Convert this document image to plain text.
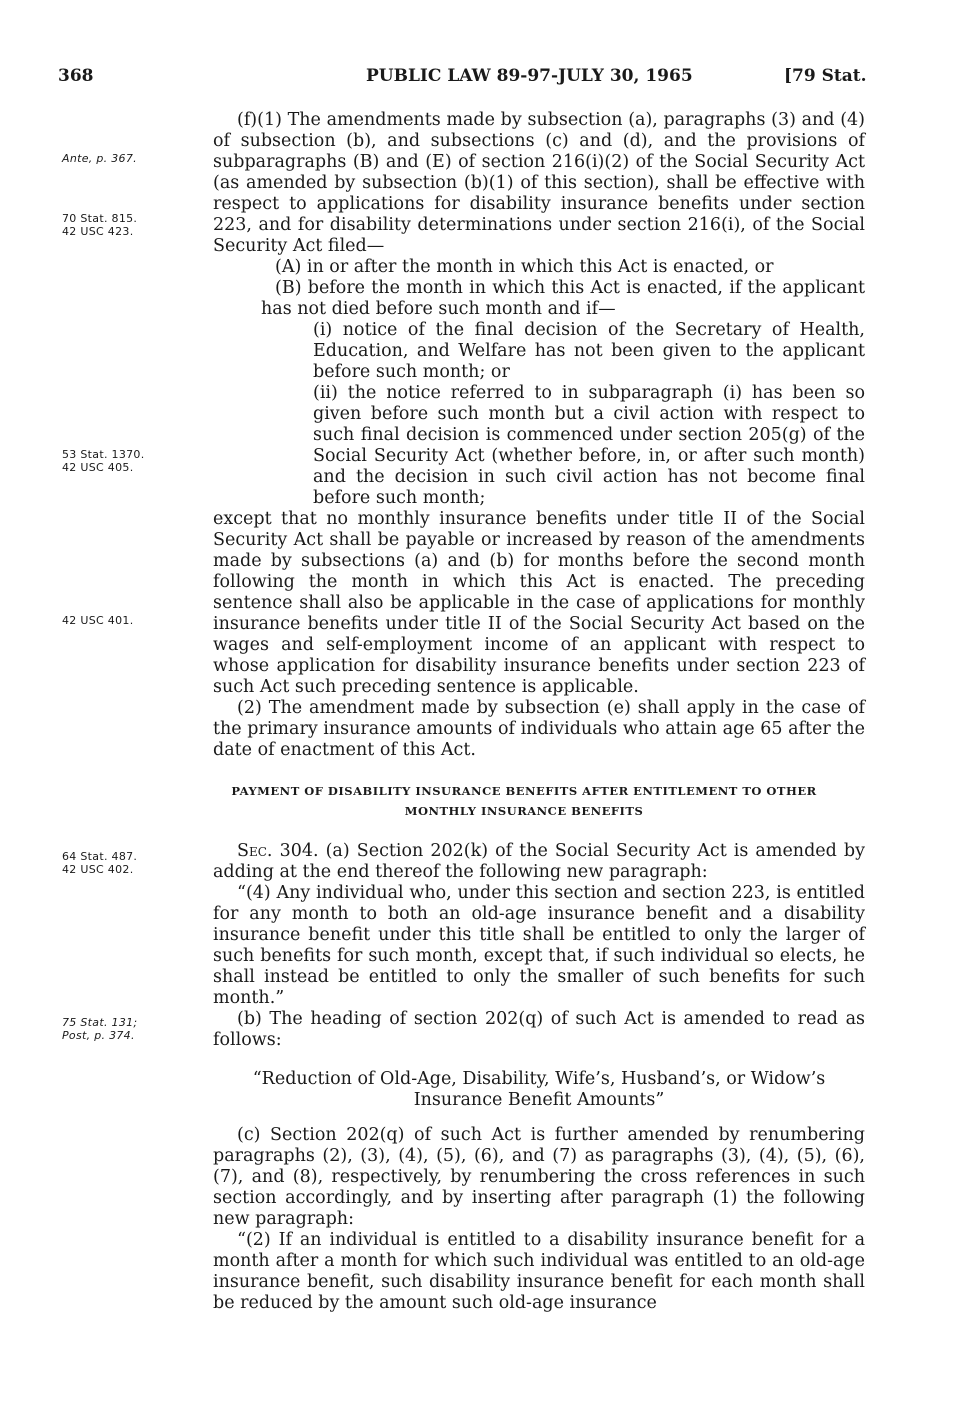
368	PUBLIC LAW 89-97-JULY 30, 1965	[79 Stat.
Ante, p. 367.
70 Stat. 815.
42 USC 423.
53 Stat. 1370.
42 USC 405.
42 USC 401.
64 Stat. 487.
42 USC 402.
75 Stat. 131;
Post, p. 374.

(f)(1) The amendments made by subsection (a), paragraphs (3) and (4) of subsection (b), and subsections (c) and (d), and the provisions of subparagraphs (B) and (E) of section 216(i)(2) of the Social Security Act (as amended by subsection (b)(1) of this section), shall be effective with respect to applications for disability insurance benefits under section 223, and for disability determinations under section 216(i), of the Social Security Act filed—

(A) in or after the month in which this Act is enacted, or

(B) before the month in which this Act is enacted, if the applicant has not died before such month and if—

(i) notice of the final decision of the Secretary of Health, Education, and Welfare has not been given to the applicant before such month; or

(ii) the notice referred to in subparagraph (i) has been so given before such month but a civil action with respect to such final decision is commenced under section 205(g) of the Social Security Act (whether before, in, or after such month) and the decision in such civil action has not become final before such month;

except that no monthly insurance benefits under title II of the Social Security Act shall be payable or increased by reason of the amendments made by subsections (a) and (b) for months before the second month following the month in which this Act is enacted. The preceding sentence shall also be applicable in the case of applications for monthly insurance benefits under title II of the Social Security Act based on the wages and self-employment income of an applicant with respect to whose application for disability insurance benefits under section 223 of such Act such preceding sentence is applicable.

(2) The amendment made by subsection (e) shall apply in the case of the primary insurance amounts of individuals who attain age 65 after the date of enactment of this Act.

PAYMENT OF DISABILITY INSURANCE BENEFITS AFTER ENTITLEMENT TO OTHER MONTHLY INSURANCE BENEFITS

Sec. 304. (a) Section 202(k) of the Social Security Act is amended by adding at the end thereof the following new paragraph:

“(4) Any individual who, under this section and section 223, is entitled for any month to both an old-age insurance benefit and a disability insurance benefit under this title shall be entitled to only the larger of such benefits for such month, except that, if such individual so elects, he shall instead be entitled to only the smaller of such benefits for such month.”

(b) The heading of section 202(q) of such Act is amended to read as follows:

“Reduction of Old-Age, Disability, Wife’s, Husband’s, or Widow’s Insurance Benefit Amounts”

(c) Section 202(q) of such Act is further amended by renumbering paragraphs (2), (3), (4), (5), (6), and (7) as paragraphs (3), (4), (5), (6), (7), and (8), respectively, by renumbering the cross references in such section accordingly, and by inserting after paragraph (1) the following new paragraph:

“(2) If an individual is entitled to a disability insurance benefit for a month after a month for which such individual was entitled to an old-age insurance benefit, such disability insurance benefit for each month shall be reduced by the amount such old-age insurance
